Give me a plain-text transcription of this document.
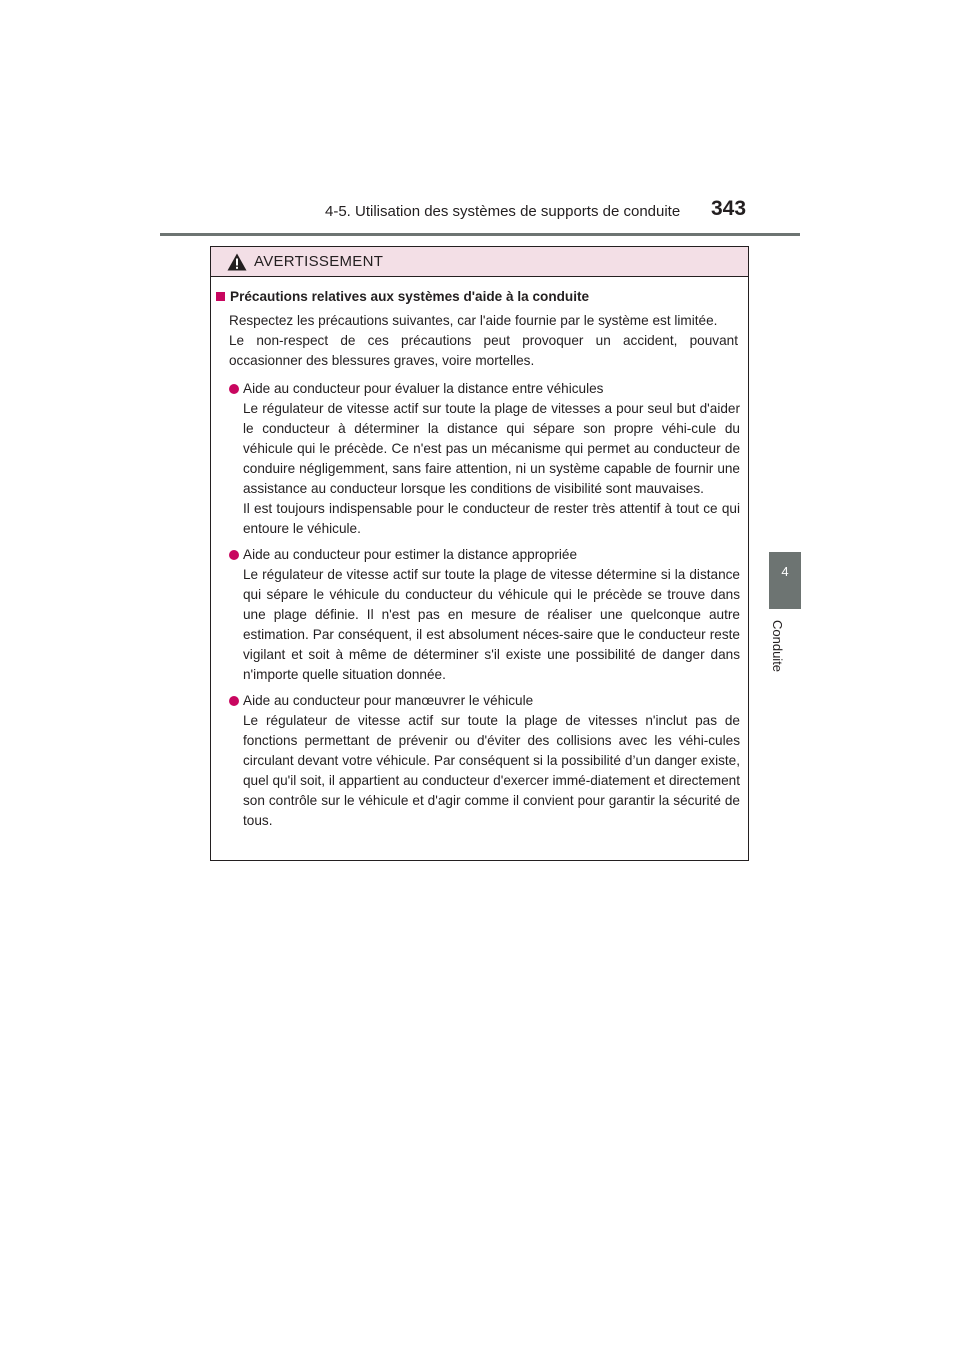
4-5. Utilisation des systèmes de supports de conduite 343
4
Conduite
AVERTISSEMENT
Précautions relatives aux systèmes d'aide à la conduite

Respectez les précautions suivantes, car l'aide fournie par le système est limitée.

Le non-respect de ces précautions peut provoquer un accident, pouvant occasionner des blessures graves, voire mortelles.

Aide au conducteur pour évaluer la distance entre véhicules

Le régulateur de vitesse actif sur toute la plage de vitesses a pour seul but d'aider le conducteur à déterminer la distance qui sépare son propre véhi-cule du véhicule qui le précède. Ce n'est pas un mécanisme qui permet au conducteur de conduire négligemment, sans faire attention, ni un système capable de fournir une assistance au conducteur lorsque les conditions de visibilité sont mauvaises.

Il est toujours indispensable pour le conducteur de rester très attentif à tout ce qui entoure le véhicule.

Aide au conducteur pour estimer la distance appropriée

Le régulateur de vitesse actif sur toute la plage de vitesse détermine si la distance qui sépare le véhicule du conducteur du véhicule qui le précède se trouve dans une plage définie. Il n'est pas en mesure de réaliser une quelconque autre estimation. Par conséquent, il est absolument néces-saire que le conducteur reste vigilant et soit à même de déterminer s'il existe une possibilité de danger dans n'importe quelle situation donnée.

Aide au conducteur pour manœuvrer le véhicule

Le régulateur de vitesse actif sur toute la plage de vitesses n'inclut pas de fonctions permettant de prévenir ou d'éviter des collisions avec les véhi-cules circulant devant votre véhicule. Par conséquent si la possibilité d’un danger existe, quel qu'il soit, il appartient au conducteur d'exercer immé-diatement et directement son contrôle sur le véhicule et d'agir comme il convient pour garantir la sécurité de tous.
